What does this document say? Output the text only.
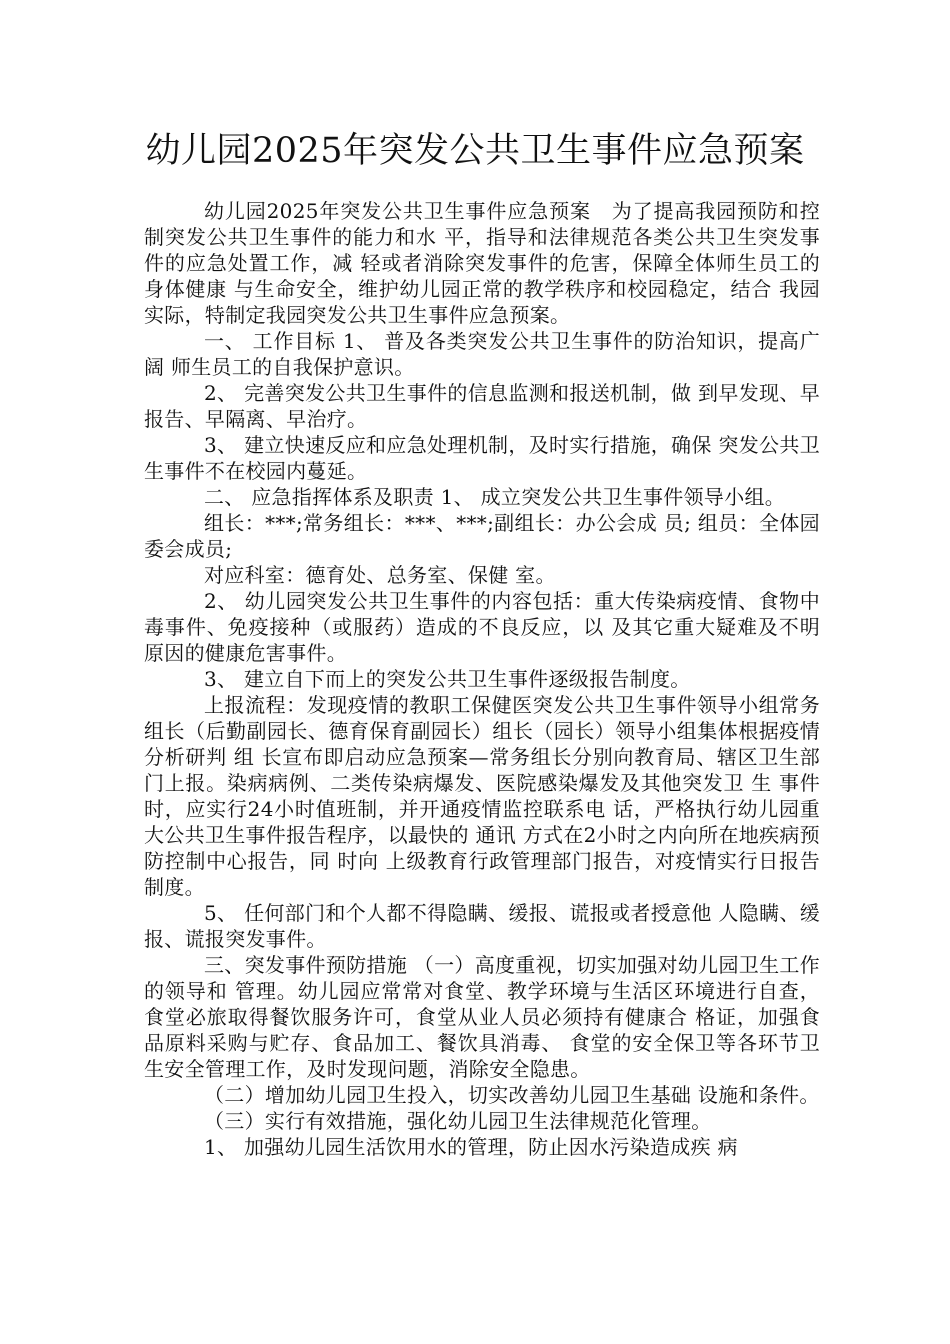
幼儿园2025年突发公共卫生事件应急预案

幼儿园2025年突发公共卫生事件应急预案　为了提高我园预防和控制突发公共卫生事件的能力和水 平，指导和法律规范各类公共卫生突发事件的应急处置工作，减 轻或者消除突发事件的危害，保障全体师生员工的身体健康 与生命安全，维护幼儿园正常的教学秩序和校园稳定，结合 我园实际，特制定我园突发公共卫生事件应急预案。

一、 工作目标 1、 普及各类突发公共卫生事件的防治知识，提高广阔 师生员工的自我保护意识。

2、 完善突发公共卫生事件的信息监测和报送机制，做 到早发现、早报告、早隔离、早治疗。

3、 建立快速反应和应急处理机制，及时实行措施，确保 突发公共卫生事件不在校园内蔓延。

二、 应急指挥体系及职责 1、 成立突发公共卫生事件领导小组。

组长：***;常务组长：***、***;副组长：办公会成 员; 组员：全体园委会成员;

对应科室：德育处、总务室、保健 室。

2、 幼儿园突发公共卫生事件的内容包括：重大传染病疫情、食物中毒事件、免疫接种（或服药）造成的不良反应，以 及其它重大疑难及不明原因的健康危害事件。

3、 建立自下而上的突发公共卫生事件逐级报告制度。

上报流程：发现疫情的教职工保健医突发公共卫生事件领导小组常务组长（后勤副园长、德育保育副园长）组长（园长）领导小组集体根据疫情分析研判 组 长宣布即启动应急预案—常务组长分别向教育局、辖区卫生部门上报。染病病例、二类传染病爆发、医院感染爆发及其他突发卫 生 事件时，应实行24小时值班制，并开通疫情监控联系电 话，严格执行幼儿园重大公共卫生事件报告程序，以最快的 通讯 方式在2小时之内向所在地疾病预防控制中心报告，同 时向 上级教育行政管理部门报告，对疫情实行日报告制度。

5、 任何部门和个人都不得隐瞒、缓报、谎报或者授意他 人隐瞒、缓报、谎报突发事件。

三、突发事件预防措施 （一）高度重视，切实加强对幼儿园卫生工作的领导和 管理。幼儿园应常常对食堂、教学环境与生活区环境进行自查，食堂必旅取得餐饮服务许可，食堂从业人员必须持有健康合 格证，加强食品原料采购与贮存、食品加工、餐饮具消毒、 食堂的安全保卫等各环节卫生安全管理工作，及时发现问题，消除安全隐患。

（二）增加幼儿园卫生投入，切实改善幼儿园卫生基础 设施和条件。

（三）实行有效措施，强化幼儿园卫生法律规范化管理。

1、 加强幼儿园生活饮用水的管理，防止因水污染造成疾 病
